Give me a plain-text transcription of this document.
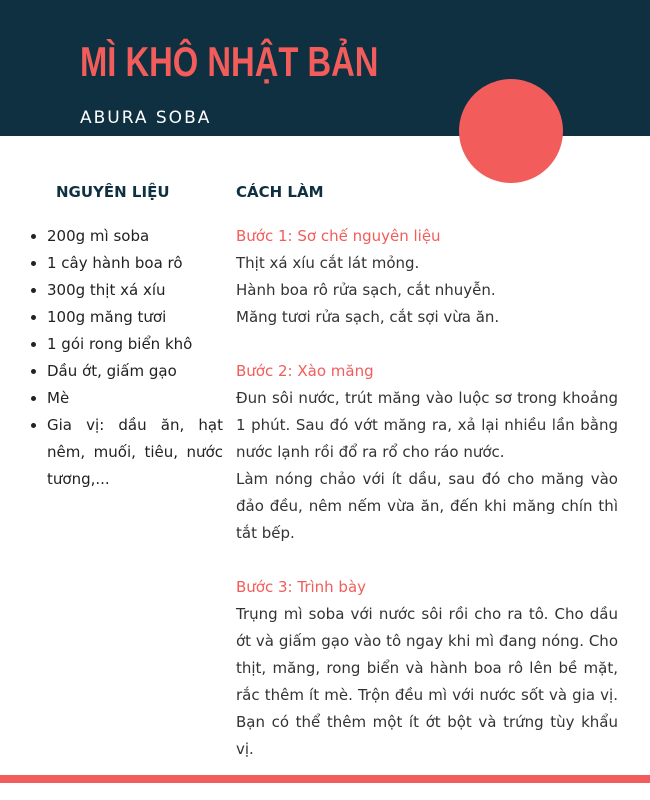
MÌ KHÔ NHẬT BẢN
ABURA SOBA
NGUYÊN LIỆU	CÁCH LÀM
• 200g mì soba
• 1 cây hành boa rô
• 300g thịt xá xíu
• 100g măng tươi
• 1 gói rong biển khô
• Dầu ớt, giấm gạo
• Mè
• Gia vị: dầu ăn, hạt nêm, muối, tiêu, nước tương,...
Bước 1: Sơ chế nguyên liệu

Thịt xá xíu cắt lát mỏng.

Hành boa rô rửa sạch, cắt nhuyễn.

Măng tươi rửa sạch, cắt sợi vừa ăn.

Bước 2: Xào măng

Đun sôi nước, trút măng vào luộc sơ trong khoảng 1 phút. Sau đó vớt măng ra, xả lại nhiều lần bằng nước lạnh rồi đổ ra rổ cho ráo nước.

Làm nóng chảo với ít dầu, sau đó cho măng vào đảo đều, nêm nếm vừa ăn, đến khi măng chín thì tắt bếp.

Bước 3: Trình bày

Trụng mì soba với nước sôi rồi cho ra tô. Cho dầu ớt và giấm gạo vào tô ngay khi mì đang nóng. Cho thịt, măng, rong biển và hành boa rô lên bề mặt, rắc thêm ít mè. Trộn đều mì với nước sốt và gia vị. Bạn có thể thêm một ít ớt bột và trứng tùy khẩu vị.
